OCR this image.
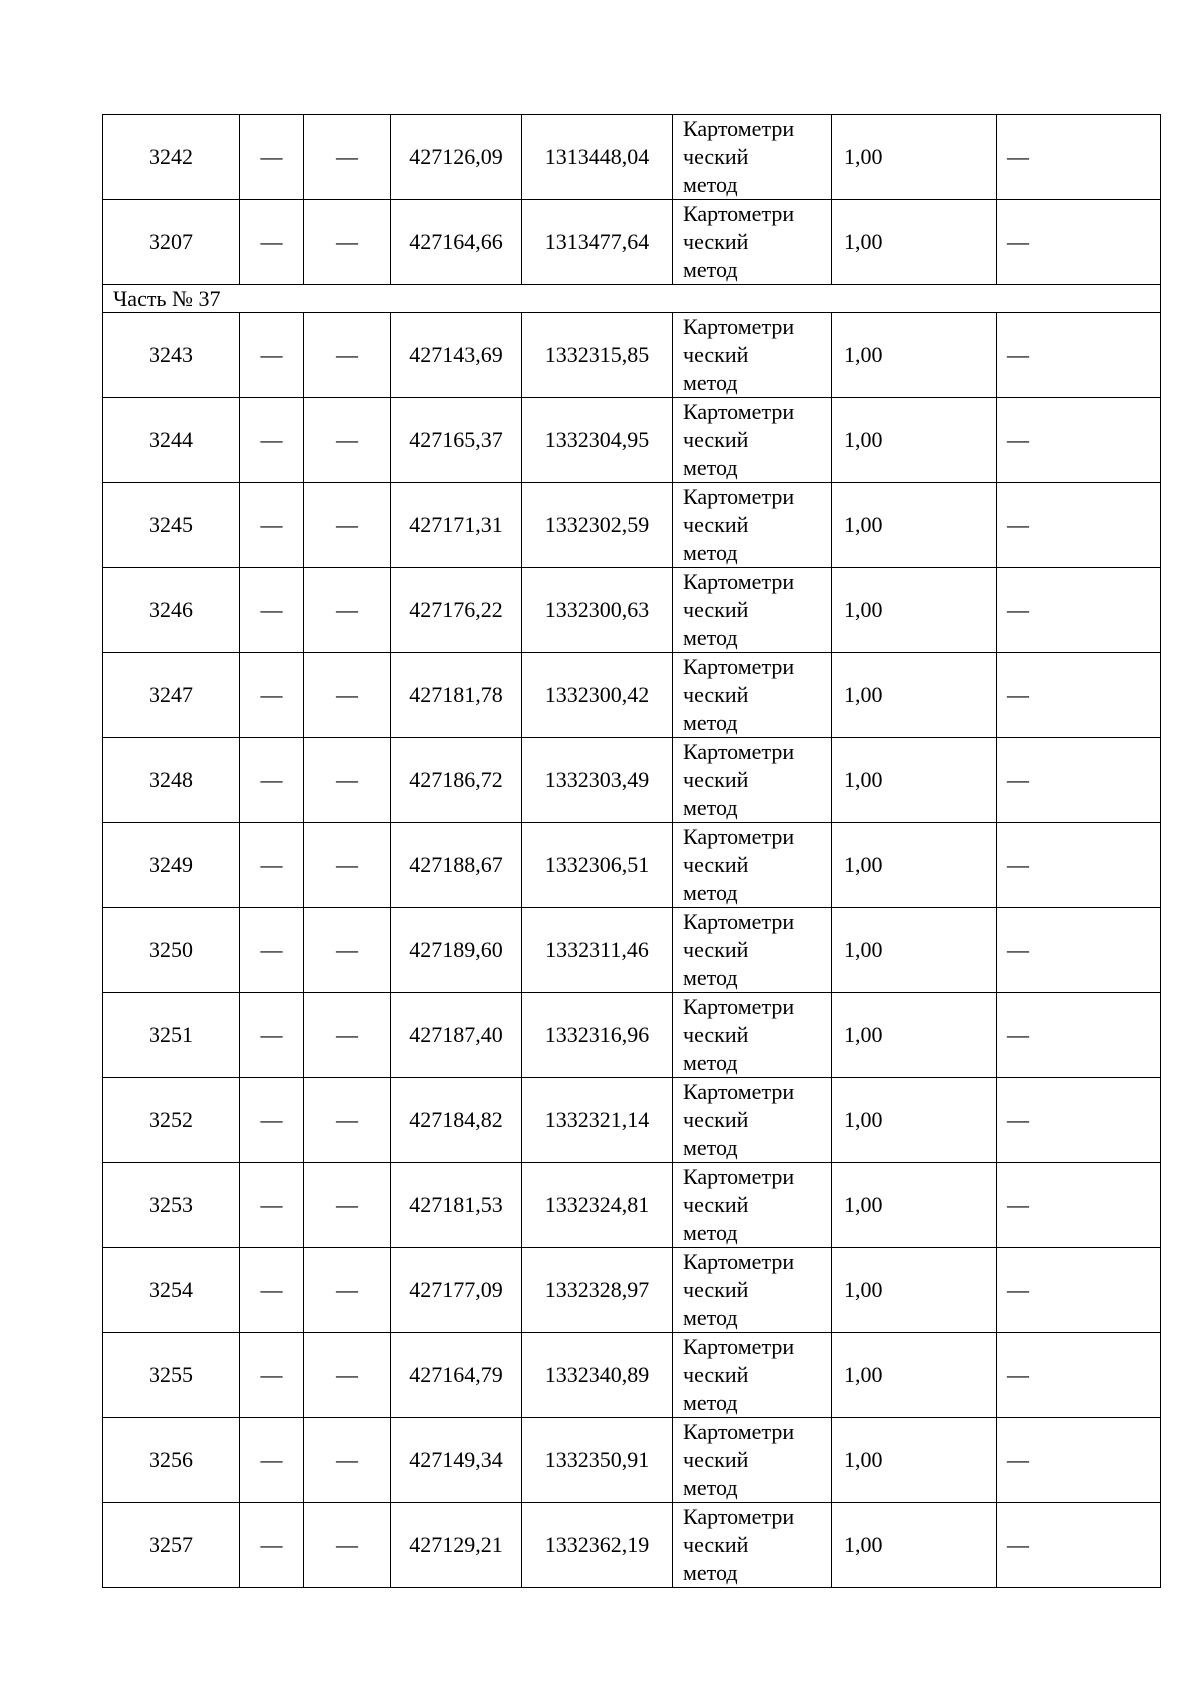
3242	—	—	427126,09	1313448,04	Картометри
ческий
метод	1,00	—
3207	—	—	427164,66	1313477,64	Картометри
ческий
метод	1,00	—
Часть № 37							
3243	—	—	427143,69	1332315,85	Картометри
ческий
метод	1,00	—
3244	—	—	427165,37	1332304,95	Картометри
ческий
метод	1,00	—
3245	—	—	427171,31	1332302,59	Картометри
ческий
метод	1,00	—
3246	—	—	427176,22	1332300,63	Картометри
ческий
метод	1,00	—
3247	—	—	427181,78	1332300,42	Картометри
ческий
метод	1,00	—
3248	—	—	427186,72	1332303,49	Картометри
ческий
метод	1,00	—
3249	—	—	427188,67	1332306,51	Картометри
ческий
метод	1,00	—
3250	—	—	427189,60	1332311,46	Картометри
ческий
метод	1,00	—
3251	—	—	427187,40	1332316,96	Картометри
ческий
метод	1,00	—
3252	—	—	427184,82	1332321,14	Картометри
ческий
метод	1,00	—
3253	—	—	427181,53	1332324,81	Картометри
ческий
метод	1,00	—
3254	—	—	427177,09	1332328,97	Картометри
ческий
метод	1,00	—
3255	—	—	427164,79	1332340,89	Картометри
ческий
метод	1,00	—
3256	—	—	427149,34	1332350,91	Картометри
ческий
метод	1,00	—
3257	—	—	427129,21	1332362,19	Картометри
ческий
метод	1,00	—
